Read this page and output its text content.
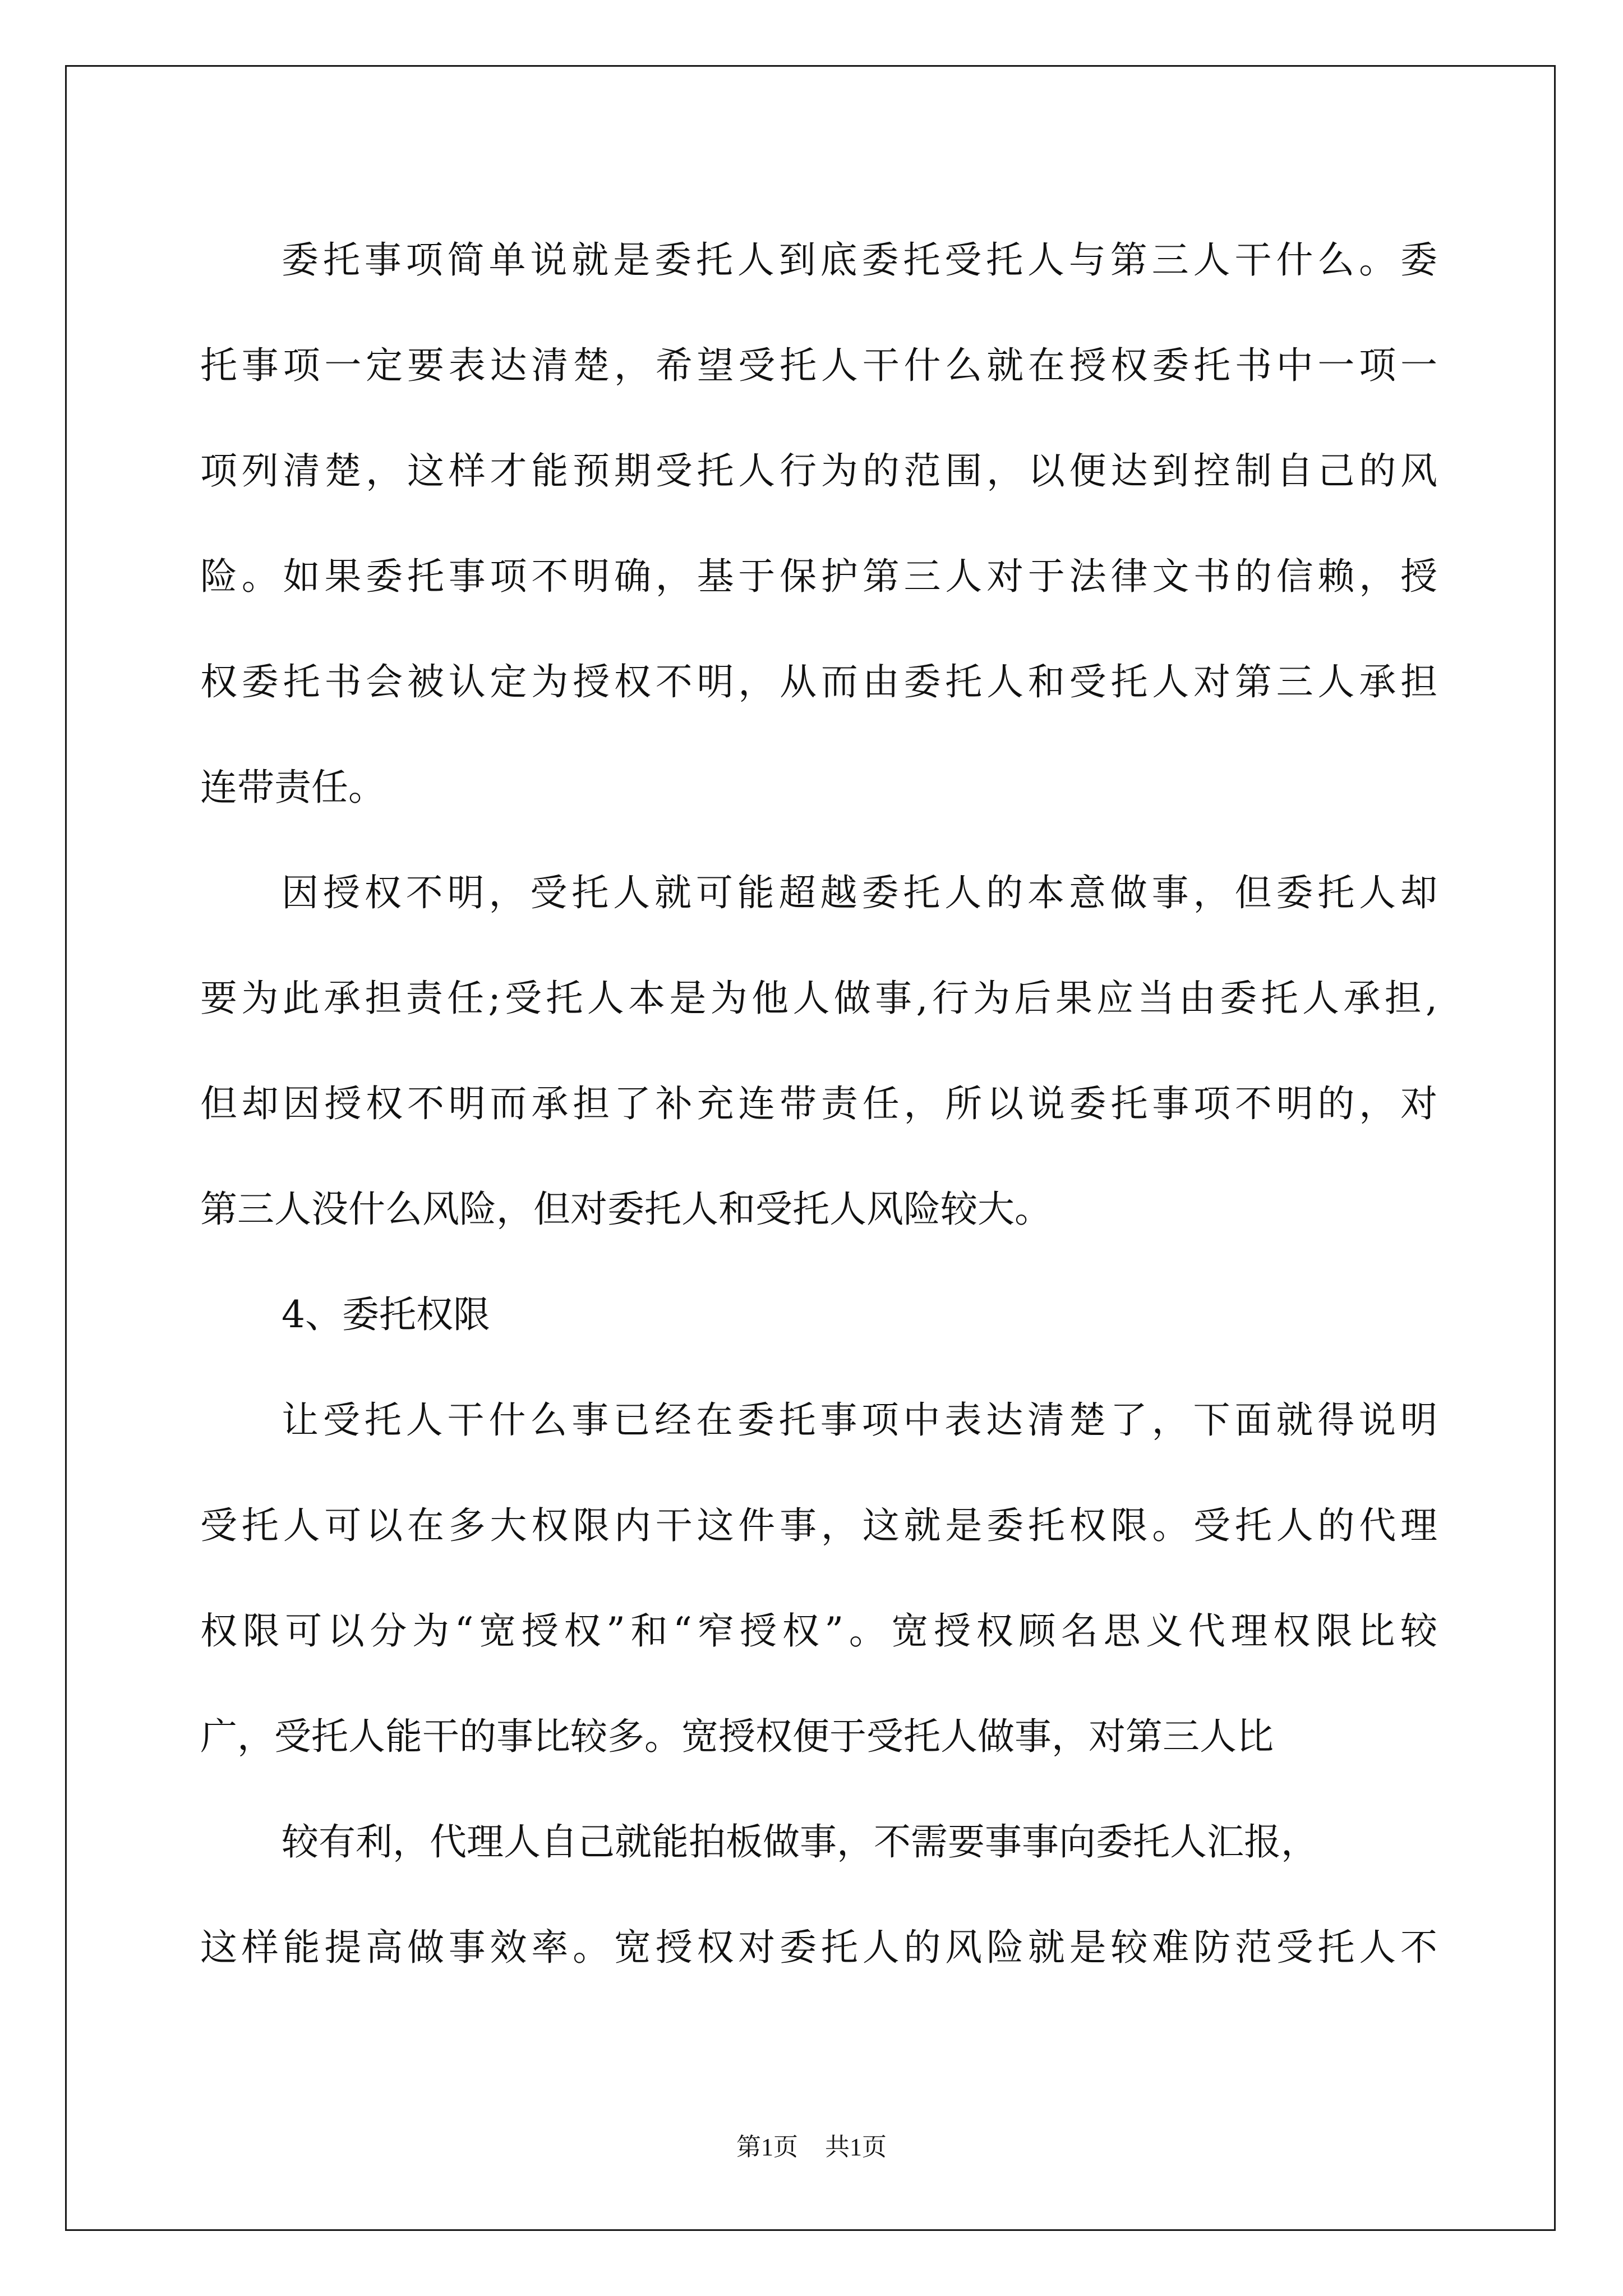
委托事项简单说就是委托人到底委托受托人与第三人干什么。委
托事项一定要表达清楚，希望受托人干什么就在授权委托书中一项一
项列清楚，这样才能预期受托人行为的范围，以便达到控制自己的风
险。如果委托事项不明确，基于保护第三人对于法律文书的信赖，授
权委托书会被认定为授权不明，从而由委托人和受托人对第三人承担
连带责任。
因授权不明，受托人就可能超越委托人的本意做事，但委托人却
要为此承担责任;受托人本是为他人做事,行为后果应当由委托人承担,
但却因授权不明而承担了补充连带责任，所以说委托事项不明的，对
第三人没什么风险，但对委托人和受托人风险较大。
4、委托权限
让受托人干什么事已经在委托事项中表达清楚了，下面就得说明
受托人可以在多大权限内干这件事，这就是委托权限。受托人的代理
权限可以分为“宽授权”和“窄授权”。宽授权顾名思义代理权限比较
广，受托人能干的事比较多。宽授权便于受托人做事，对第三人比
较有利，代理人自己就能拍板做事，不需要事事向委托人汇报，
这样能提高做事效率。宽授权对委托人的风险就是较难防范受托人不
第1页 共1页
